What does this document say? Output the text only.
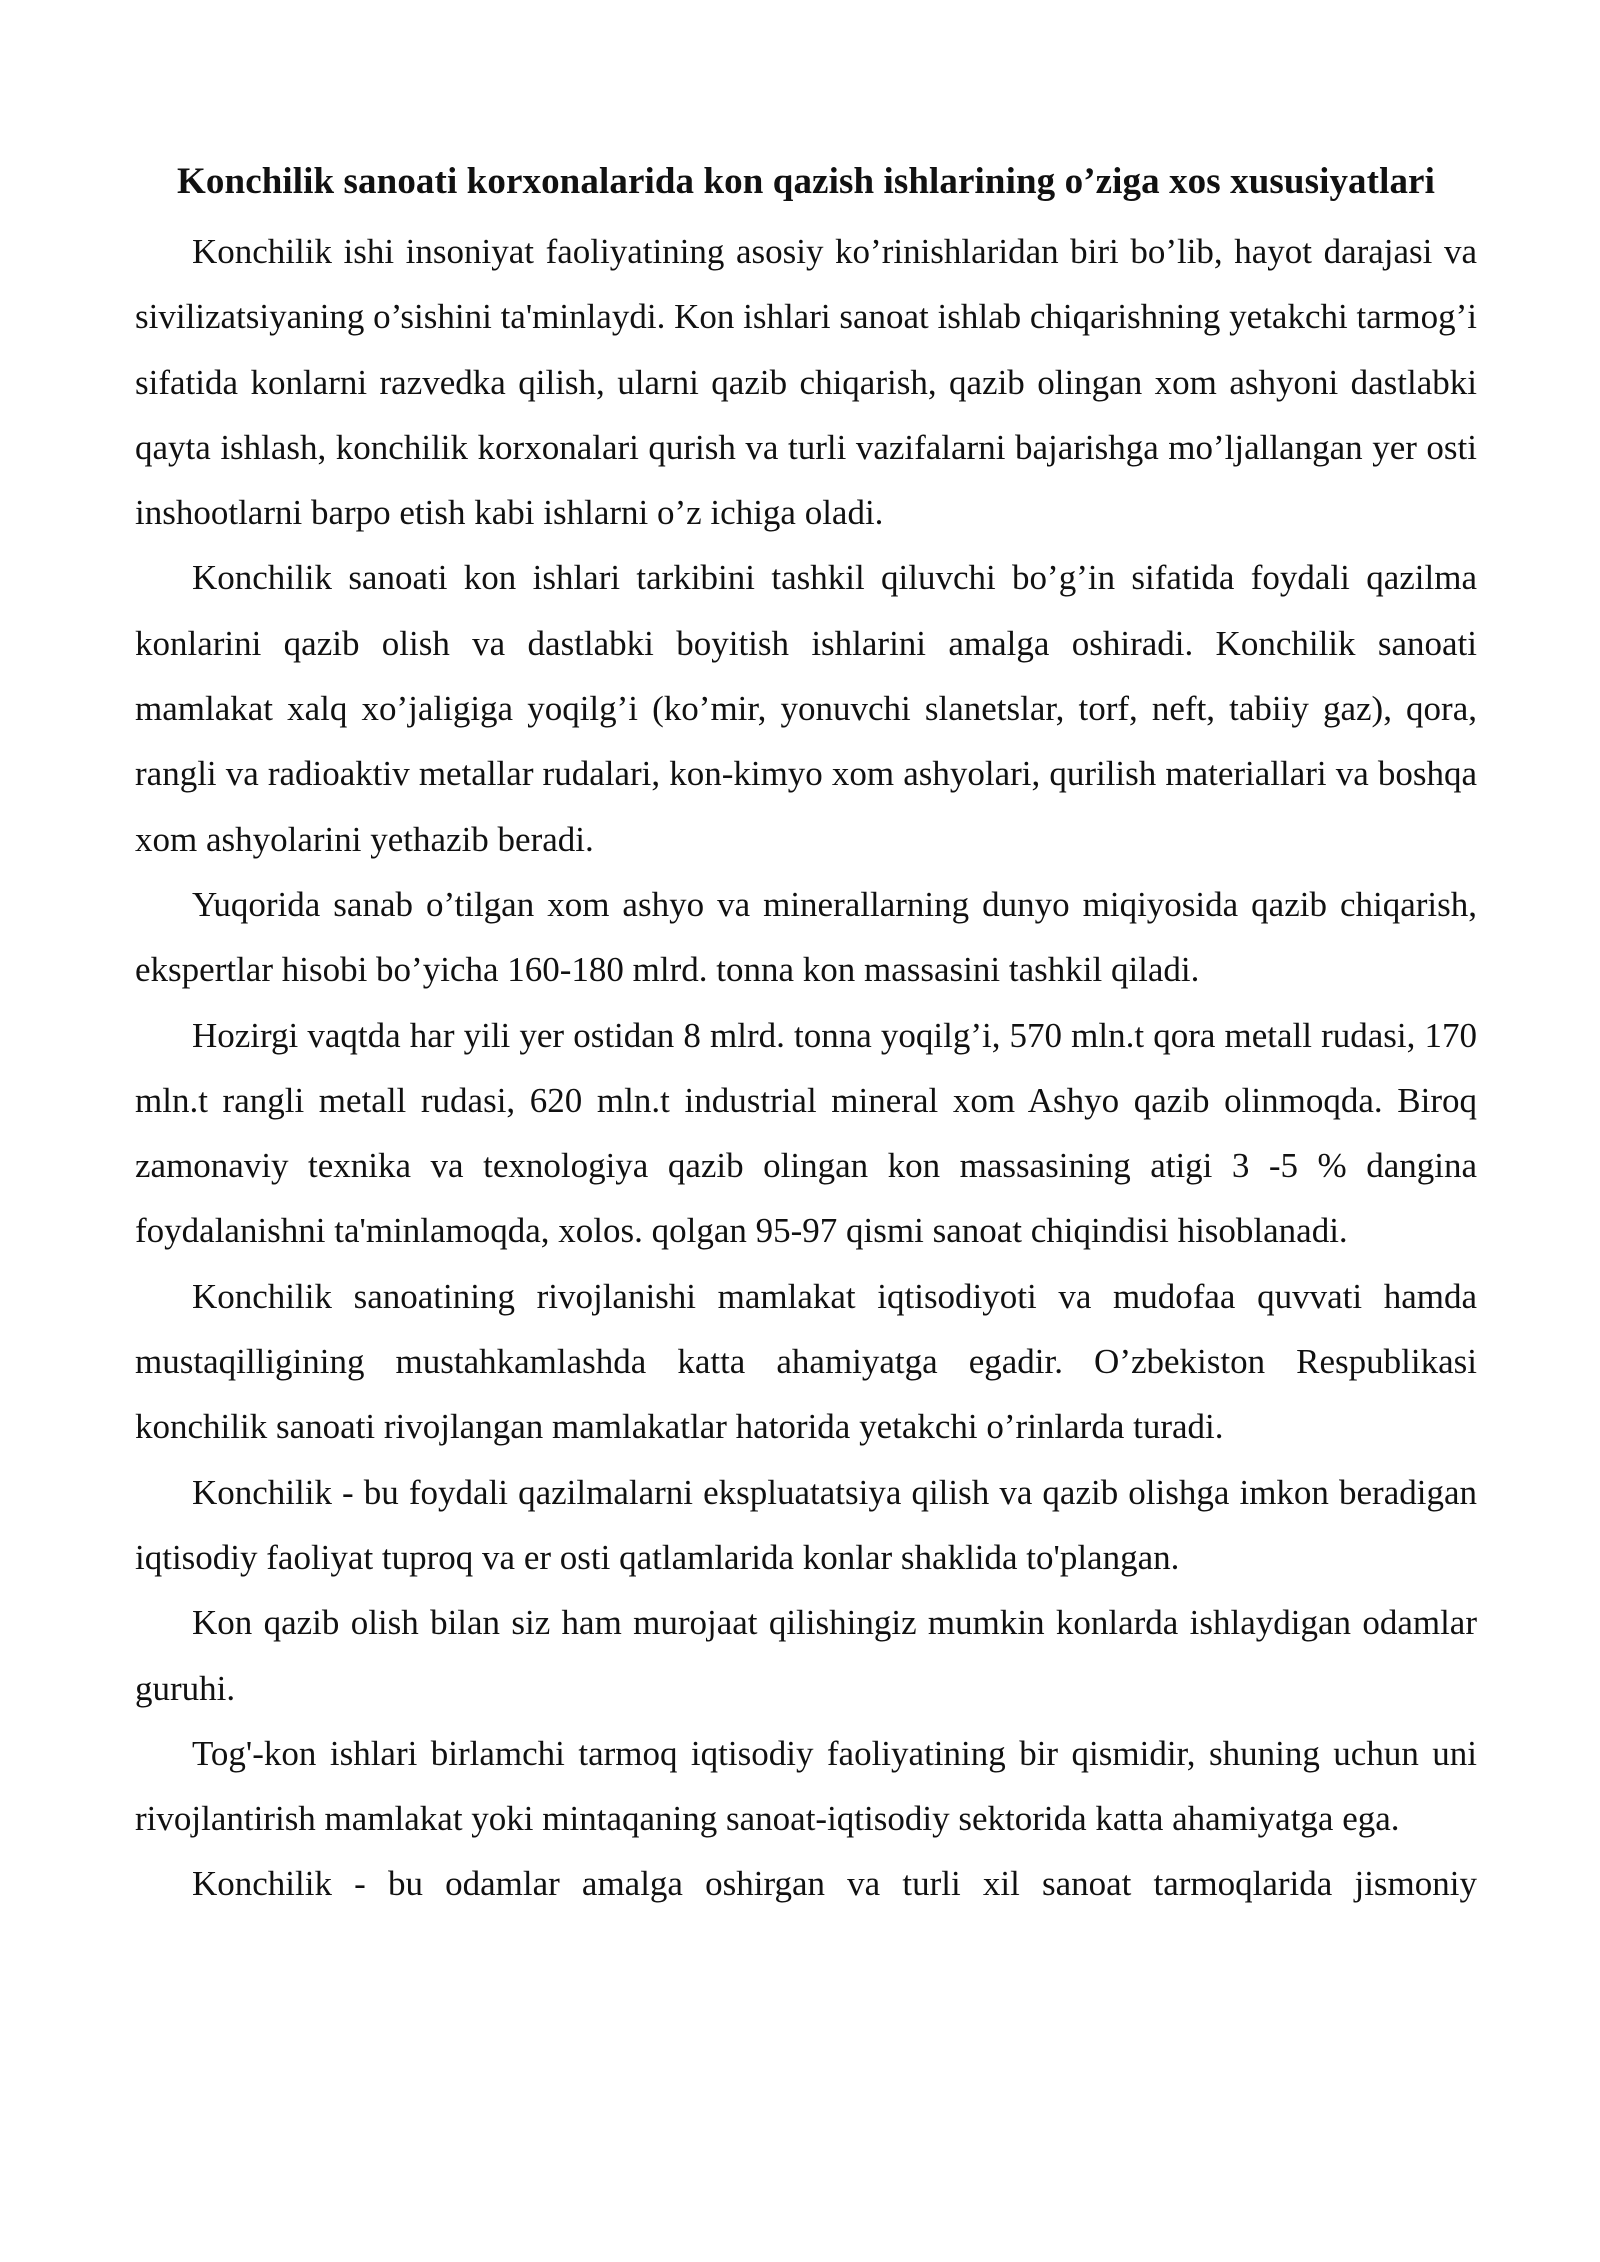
Konchilik sanoati korxonalarida kon qazish ishlarining o’ziga xos xususiyatlari

Konchilik ishi insoniyat faoliyatining asosiy ko’rinishlaridan biri bo’lib, hayot darajasi va sivilizatsiyaning o’sishini ta'minlaydi. Kon ishlari sanoat ishlab chiqarishning yetakchi tarmog’i sifatida konlarni razvedka qilish, ularni qazib chiqarish, qazib olingan xom ashyoni dastlabki qayta ishlash, konchilik korxonalari qurish va turli vazifalarni bajarishga mo’ljallangan yer osti inshootlarni barpo etish kabi ishlarni o’z ichiga oladi.

Konchilik sanoati kon ishlari tarkibini tashkil qiluvchi bo’g’in sifatida foydali qazilma konlarini qazib olish va dastlabki boyitish ishlarini amalga oshiradi. Konchilik sanoati mamlakat xalq xo’jaligiga yoqilg’i (ko’mir, yonuvchi slanetslar, torf, neft, tabiiy gaz), qora, rangli va radioaktiv metallar rudalari, kon-kimyo xom ashyolari, qurilish materiallari va boshqa xom ashyolarini yethazib beradi.

Yuqorida sanab o’tilgan xom ashyo va minerallarning dunyo miqiyosida qazib chiqarish, ekspertlar hisobi bo’yicha 160-180 mlrd. tonna kon massasini tashkil qiladi.

Hozirgi vaqtda har yili yer ostidan 8 mlrd. tonna yoqilg’i, 570 mln.t qora metall rudasi, 170 mln.t rangli metall rudasi, 620 mln.t industrial mineral xom Ashyo qazib olinmoqda. Biroq zamonaviy texnika va texnologiya qazib olingan kon massasining atigi 3 -5 % dangina foydalanishni ta'minlamoqda, xolos. qolgan 95-97 qismi sanoat chiqindisi hisoblanadi.

Konchilik sanoatining rivojlanishi mamlakat iqtisodiyoti va mudofaa quvvati hamda mustaqilligining mustahkamlashda katta ahamiyatga egadir. O’zbekiston Respublikasi konchilik sanoati rivojlangan mamlakatlar hatorida yetakchi o’rinlarda turadi.

Konchilik - bu foydali qazilmalarni ekspluatatsiya qilish va qazib olishga imkon beradigan iqtisodiy faoliyat tuproq va er osti qatlamlarida konlar shaklida to'plangan.

Kon qazib olish bilan siz ham murojaat qilishingiz mumkin konlarda ishlaydigan odamlar guruhi.

Tog'-kon ishlari birlamchi tarmoq iqtisodiy faoliyatining bir qismidir, shuning uchun uni rivojlantirish mamlakat yoki mintaqaning sanoat-iqtisodiy sektorida katta ahamiyatga ega.

Konchilik - bu odamlar amalga oshirgan va turli xil sanoat tarmoqlarida jismoniy
